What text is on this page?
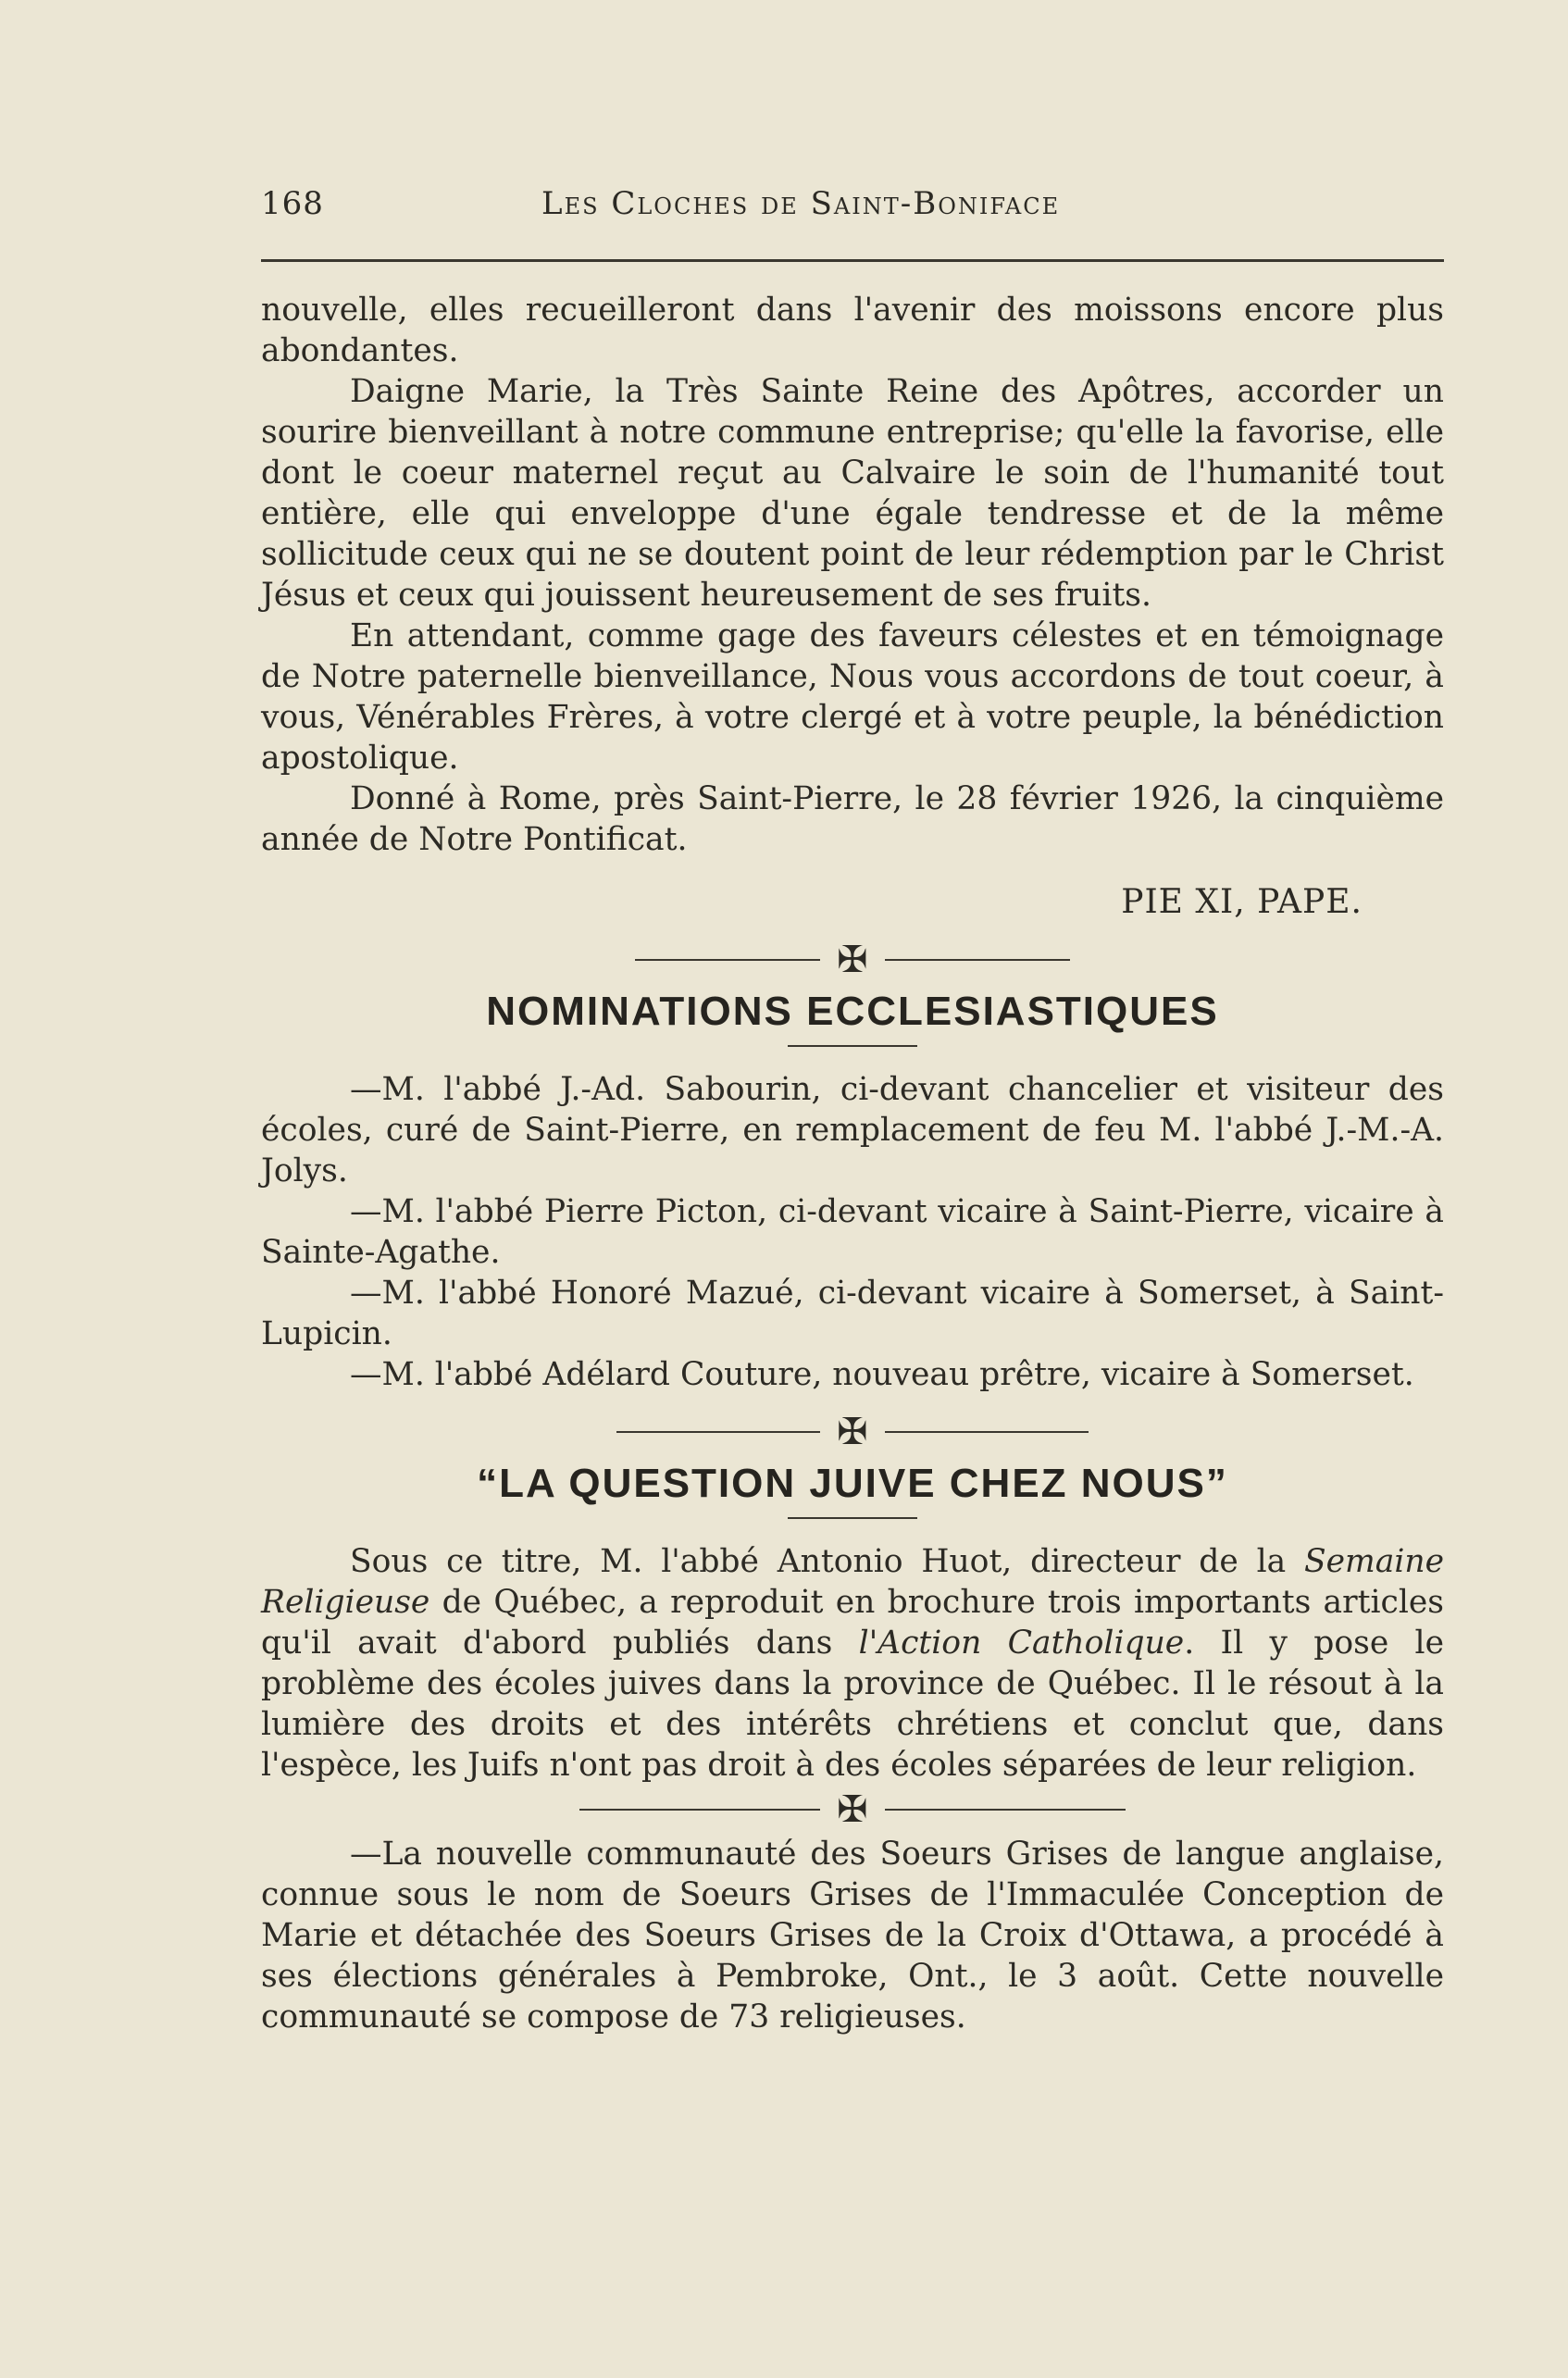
168	Les Cloches de Saint-Boniface

nouvelle, elles recueilleront dans l'avenir des moissons encore plus abondantes.

Daigne Marie, la Très Sainte Reine des Apôtres, accorder un sourire bienveillant à notre commune entreprise; qu'elle la favorise, elle dont le coeur maternel reçut au Calvaire le soin de l'humanité tout entière, elle qui enveloppe d'une égale tendresse et de la même sollicitude ceux qui ne se doutent point de leur rédemption par le Christ Jésus et ceux qui jouissent heureusement de ses fruits.

En attendant, comme gage des faveurs célestes et en témoignage de Notre paternelle bienveillance, Nous vous accordons de tout coeur, à vous, Vénérables Frères, à votre clergé et à votre peuple, la bénédiction apostolique.

Donné à Rome, près Saint-Pierre, le 28 février 1926, la cinquième année de Notre Pontificat.

PIE XI, PAPE.
✠
NOMINATIONS ECCLESIASTIQUES

—M. l'abbé J.-Ad. Sabourin, ci-devant chancelier et visiteur des écoles, curé de Saint-Pierre, en remplacement de feu M. l'abbé J.-M.-A. Jolys.

—M. l'abbé Pierre Picton, ci-devant vicaire à Saint-Pierre, vicaire à Sainte-Agathe.

—M. l'abbé Honoré Mazué, ci-devant vicaire à Somerset, à Saint-Lupicin.

—M. l'abbé Adélard Couture, nouveau prêtre, vicaire à Somerset.

✠
“LA QUESTION JUIVE CHEZ NOUS”

Sous ce titre, M. l'abbé Antonio Huot, directeur de la Semaine Religieuse de Québec, a reproduit en brochure trois importants articles qu'il avait d'abord publiés dans l'Action Catholique. Il y pose le problème des écoles juives dans la province de Québec. Il le résout à la lumière des droits et des intérêts chrétiens et conclut que, dans l'espèce, les Juifs n'ont pas droit à des écoles séparées de leur religion.

✠

—La nouvelle communauté des Soeurs Grises de langue anglaise, connue sous le nom de Soeurs Grises de l'Immaculée Conception de Marie et détachée des Soeurs Grises de la Croix d'Ottawa, a procédé à ses élections générales à Pembroke, Ont., le 3 août. Cette nouvelle communauté se compose de 73 religieuses.
